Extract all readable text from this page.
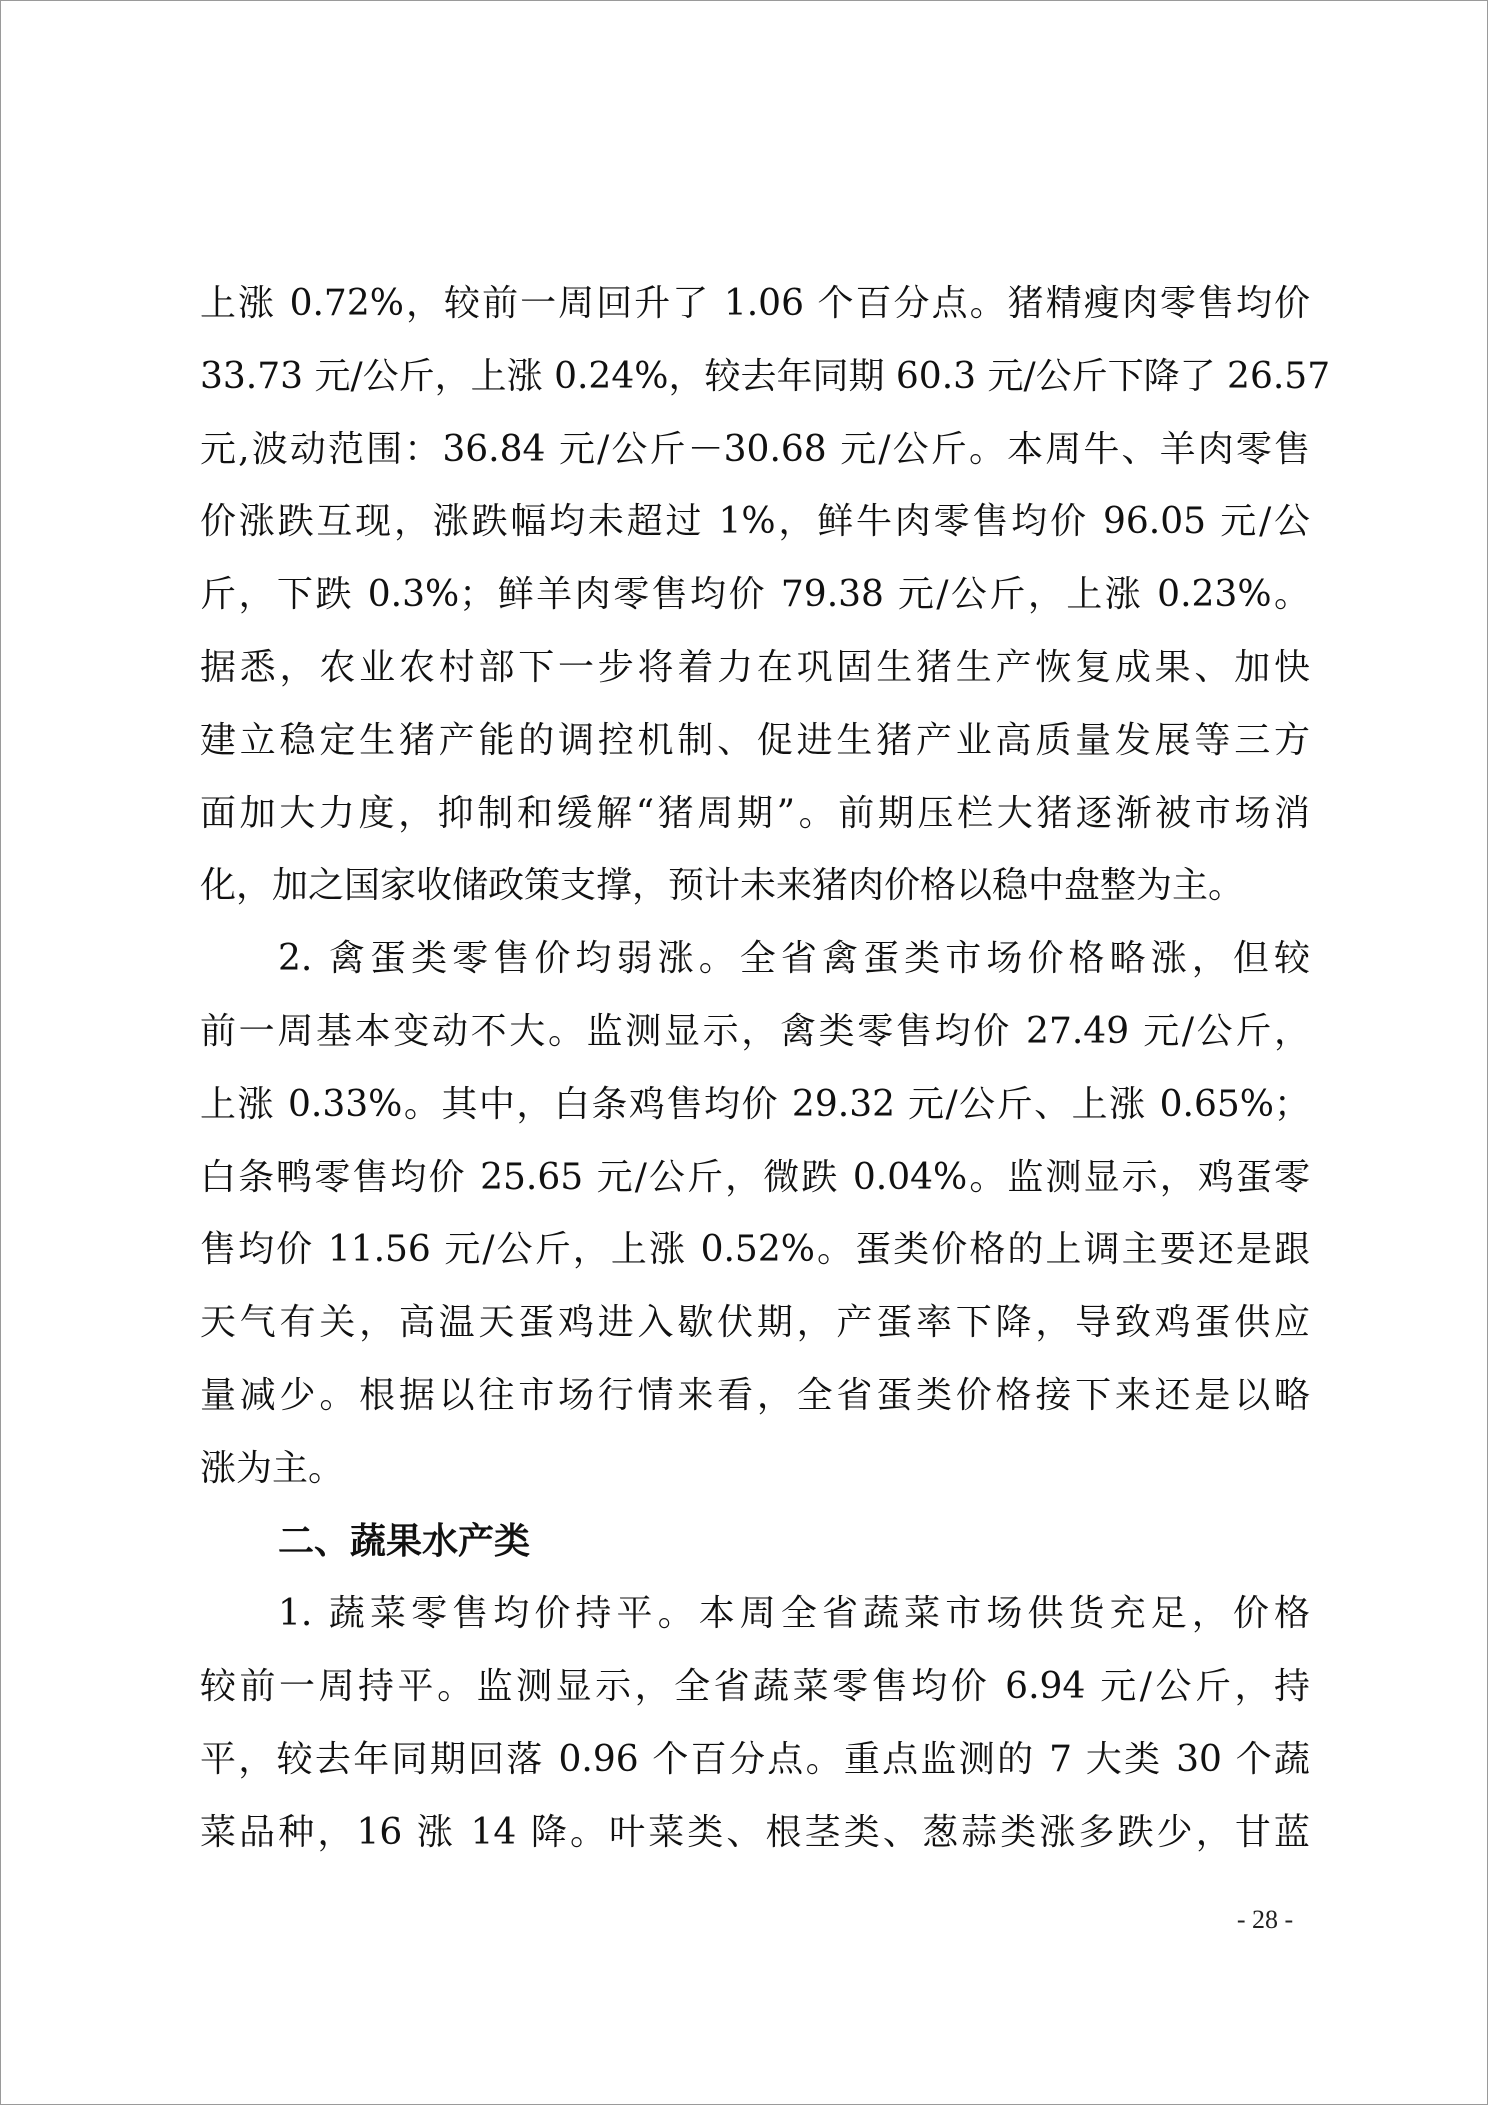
上涨 0.72%，较前一周回升了 1.06 个百分点。猪精瘦肉零售均价
33.73 元/公斤，上涨 0.24%，较去年同期 60.3 元/公斤下降了 26.57
元,波动范围：36.84 元/公斤－30.68 元/公斤。本周牛、羊肉零售
价涨跌互现，涨跌幅均未超过 1%，鲜牛肉零售均价 96.05 元/公
斤，下跌 0.3%；鲜羊肉零售均价 79.38 元/公斤，上涨 0.23%。
据悉，农业农村部下一步将着力在巩固生猪生产恢复成果、加快
建立稳定生猪产能的调控机制、促进生猪产业高质量发展等三方
面加大力度，抑制和缓解“猪周期”。前期压栏大猪逐渐被市场消
化，加之国家收储政策支撑，预计未来猪肉价格以稳中盘整为主。
2. 禽蛋类零售价均弱涨。全省禽蛋类市场价格略涨，但较
前一周基本变动不大。监测显示，禽类零售均价 27.49 元/公斤，
上涨 0.33%。其中，白条鸡售均价 29.32 元/公斤、上涨 0.65%；
白条鸭零售均价 25.65 元/公斤，微跌 0.04%。监测显示，鸡蛋零
售均价 11.56 元/公斤，上涨 0.52%。蛋类价格的上调主要还是跟
天气有关，高温天蛋鸡进入歇伏期，产蛋率下降，导致鸡蛋供应
量减少。根据以往市场行情来看，全省蛋类价格接下来还是以略
涨为主。
二、蔬果水产类
1. 蔬菜零售均价持平。本周全省蔬菜市场供货充足，价格
较前一周持平。监测显示，全省蔬菜零售均价 6.94 元/公斤，持
平，较去年同期回落 0.96 个百分点。重点监测的 7 大类 30 个蔬
菜品种，16 涨 14 降。叶菜类、根茎类、葱蒜类涨多跌少，甘蓝
- 28 -
